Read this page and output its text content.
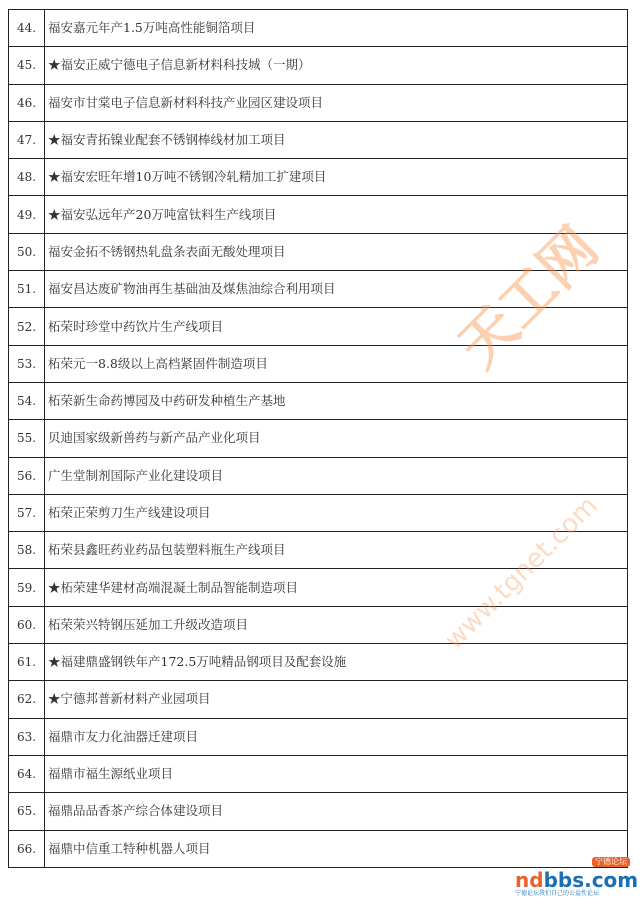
44.	福安嘉元年产1.5万吨高性能铜箔项目
45.	★福安正威宁德电子信息新材料科技城（一期）
46.	福安市甘棠电子信息新材料科技产业园区建设项目
47.	★福安青拓镍业配套不锈钢棒线材加工项目
48.	★福安宏旺年增10万吨不锈钢冷轧精加工扩建项目
49.	★福安弘远年产20万吨富钛料生产线项目
50.	福安金拓不锈钢热轧盘条表面无酸处理项目
51.	福安昌达废矿物油再生基础油及煤焦油综合利用项目
52.	柘荣时珍堂中药饮片生产线项目
53.	柘荣元一8.8级以上高档紧固件制造项目
54.	柘荣新生命药博园及中药研发种植生产基地
55.	贝迪国家级新兽药与新产品产业化项目
56.	广生堂制剂国际产业化建设项目
57.	柘荣正荣剪刀生产线建设项目
58.	柘荣县鑫旺药业药品包装塑料瓶生产线项目
59.	★柘荣建华建材高端混凝土制品智能制造项目
60.	柘荣荣兴特钢压延加工升级改造项目
61.	★福建鼎盛钢铁年产172.5万吨精品钢项目及配套设施
62.	★宁德邦普新材料产业园项目
63.	福鼎市友力化油器迁建项目
64.	福鼎市福生源纸业项目
65.	福鼎品品香茶产综合体建设项目
66.	福鼎中信重工特种机器人项目
天工网
www.tgnet.com
宁德论坛
ndbbs.com
宁德论坛我们自己的公益性论坛
